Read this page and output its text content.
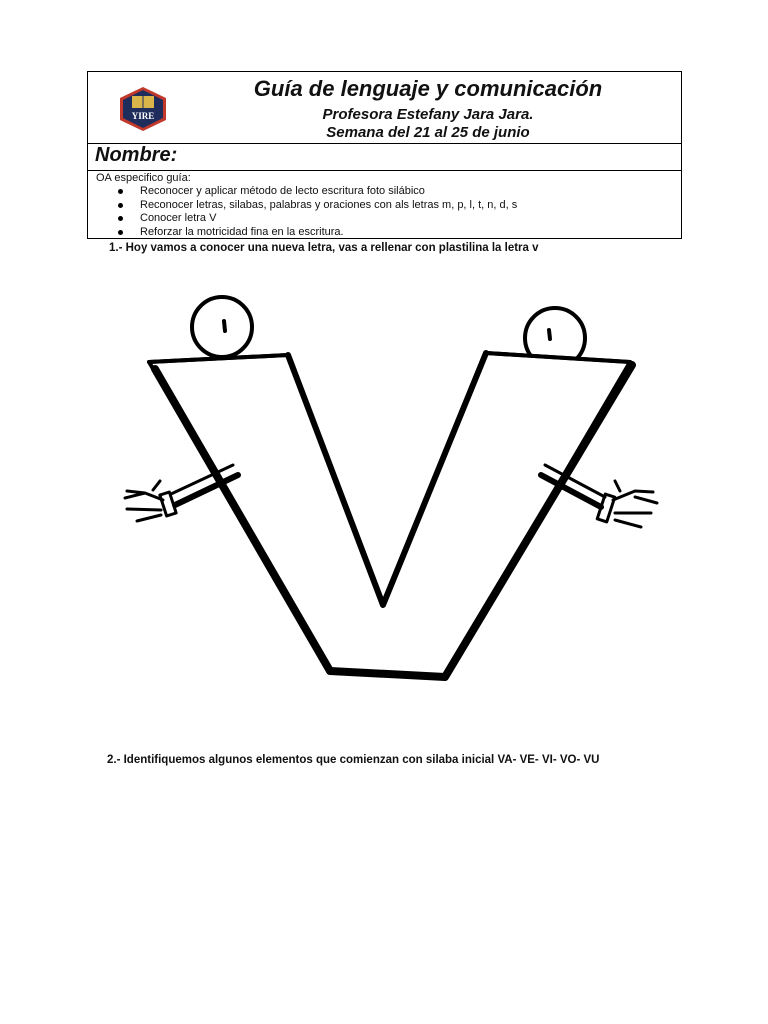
YIRE
Guía de lenguaje y comunicación
Profesora Estefany Jara Jara.
Semana del 21 al 25 de junio
Nombre:
OA especifico guía:
Reconocer y aplicar método de lecto escritura foto silábico
Reconocer letras, silabas, palabras y oraciones con als letras m, p, l, t, n, d, s
Conocer letra V
Reforzar la motricidad fina en la escritura.
1.- Hoy vamos a conocer una nueva letra, vas a rellenar con plastilina la letra v
2.- Identifiquemos algunos elementos que comienzan con silaba inicial VA- VE- VI- VO- VU
